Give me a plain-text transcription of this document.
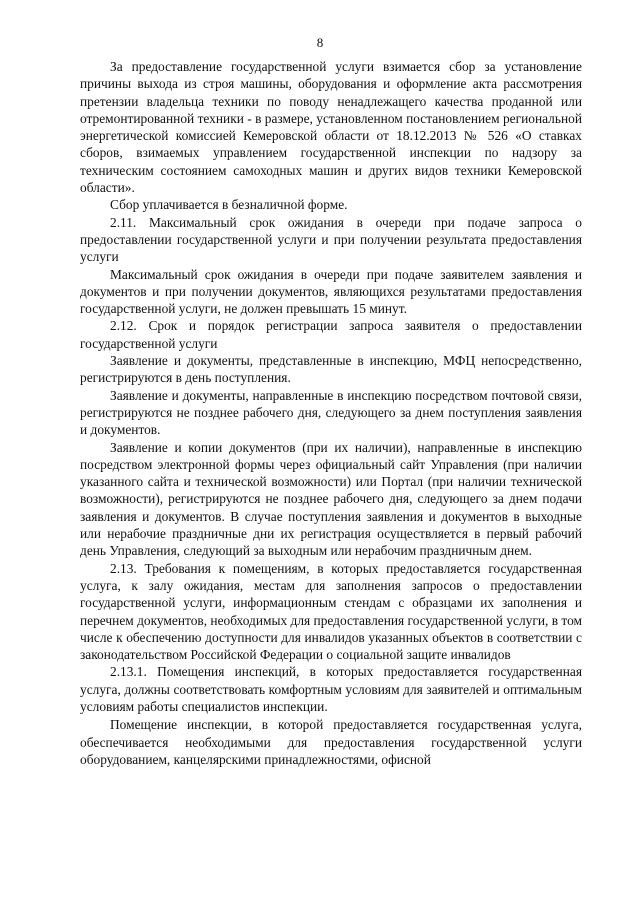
8

За предоставление государственной услуги взимается сбор за установление причины выхода из строя машины, оборудования и оформление акта рассмотрения претензии владельца техники по поводу ненадлежащего качества проданной или отремонтированной техники - в размере, установленном постановлением региональной энергетической комиссией Кемеровской области от 18.12.2013 № 526 «О ставках сборов, взимаемых управлением государственной инспекции по надзору за техническим состоянием самоходных машин и других видов техники Кемеровской области».

Сбор уплачивается в безналичной форме.

2.11. Максимальный срок ожидания в очереди при подаче запроса о предоставлении государственной услуги и при получении результата предоставления услуги

Максимальный срок ожидания в очереди при подаче заявителем заявления и документов и при получении документов, являющихся результатами предоставления государственной услуги, не должен превышать 15 минут.

2.12. Срок и порядок регистрации запроса заявителя о предоставлении государственной услуги

Заявление и документы, представленные в инспекцию, МФЦ непосредственно, регистрируются в день поступления.

Заявление и документы, направленные в инспекцию посредством почтовой связи, регистрируются не позднее рабочего дня, следующего за днем поступления заявления и документов.

Заявление и копии документов (при их наличии), направленные в инспекцию посредством электронной формы через официальный сайт Управления (при наличии указанного сайта и технической возможности) или Портал (при наличии технической возможности), регистрируются не позднее рабочего дня, следующего за днем подачи заявления и документов. В случае поступления заявления и документов в выходные или нерабочие праздничные дни их регистрация осуществляется в первый рабочий день Управления, следующий за выходным или нерабочим праздничным днем.

2.13. Требования к помещениям, в которых предоставляется государственная услуга, к залу ожидания, местам для заполнения запросов о предоставлении государственной услуги, информационным стендам с образцами их заполнения и перечнем документов, необходимых для предоставления государственной услуги, в том числе к обеспечению доступности для инвалидов указанных объектов в соответствии с законодательством Российской Федерации о социальной защите инвалидов

2.13.1. Помещения инспекций, в которых предоставляется государственная услуга, должны соответствовать комфортным условиям для заявителей и оптимальным условиям работы специалистов инспекции.

Помещение инспекции, в которой предоставляется государственная услуга, обеспечивается необходимыми для предоставления государственной услуги оборудованием, канцелярскими принадлежностями, офисной
